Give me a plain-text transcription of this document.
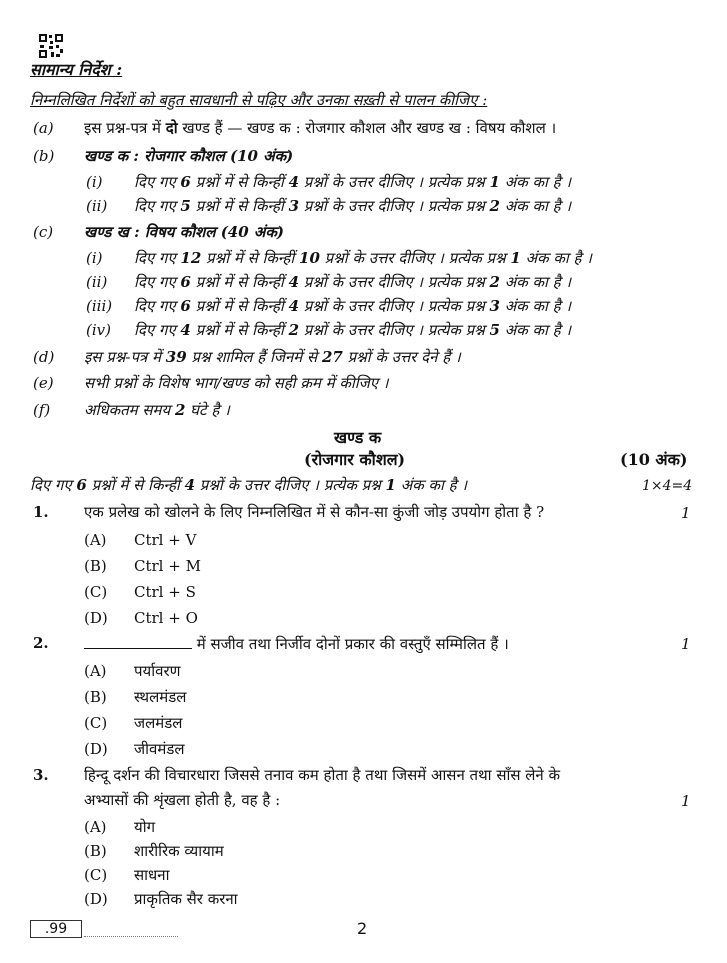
सामान्य निर्देश :
निम्नलिखित निर्देशों को बहुत सावधानी से पढ़िए और उनका सख़्ती से पालन कीजिए :
(a) इस प्रश्न-पत्र में दो खण्ड हैं — खण्ड क : रोजगार कौशल और खण्ड ख : विषय कौशल ।
(b) खण्ड क : रोजगार कौशल (10 अंक)
(i) दिए गए 6 प्रश्नों में से किन्हीं 4 प्रश्नों के उत्तर दीजिए । प्रत्येक प्रश्न 1 अंक का है ।
(ii) दिए गए 5 प्रश्नों में से किन्हीं 3 प्रश्नों के उत्तर दीजिए । प्रत्येक प्रश्न 2 अंक का है ।
(c) खण्ड ख : विषय कौशल (40 अंक)
(i) दिए गए 12 प्रश्नों में से किन्हीं 10 प्रश्नों के उत्तर दीजिए । प्रत्येक प्रश्न 1 अंक का है ।
(ii) दिए गए 6 प्रश्नों में से किन्हीं 4 प्रश्नों के उत्तर दीजिए । प्रत्येक प्रश्न 2 अंक का है ।
(iii) दिए गए 6 प्रश्नों में से किन्हीं 4 प्रश्नों के उत्तर दीजिए । प्रत्येक प्रश्न 3 अंक का है ।
(iv) दिए गए 4 प्रश्नों में से किन्हीं 2 प्रश्नों के उत्तर दीजिए । प्रत्येक प्रश्न 5 अंक का है ।
(d) इस प्रश्न-पत्र में 39 प्रश्न शामिल हैं जिनमें से 27 प्रश्नों के उत्तर देने हैं ।
(e) सभी प्रश्नों के विशेष भाग/खण्ड को सही क्रम में कीजिए ।
(f) अधिकतम समय 2 घंटे है ।
खण्ड क
(रोजगार कौशल)	(10 अंक)
दिए गए 6 प्रश्नों में से किन्हीं 4 प्रश्नों के उत्तर दीजिए । प्रत्येक प्रश्न 1 अंक का है ।	1×4=4
1. एक प्रलेख को खोलने के लिए निम्नलिखित में से कौन-सा कुंजी जोड़ उपयोग होता है ?	1
(A) Ctrl + V
(B) Ctrl + M
(C) Ctrl + S
(D) Ctrl + O
2.	में सजीव तथा निर्जीव दोनों प्रकार की वस्तुएँ सम्मिलित हैं ।	1
(A) पर्यावरण
(B) स्थलमंडल
(C) जलमंडल
(D) जीवमंडल
3. हिन्दू दर्शन की विचारधारा जिससे तनाव कम होता है तथा जिसमें आसन तथा साँस लेने के
अभ्यासों की शृंखला होती है, वह है :	1
(A) योग
(B) शारीरिक व्यायाम
(C) साधना
(D) प्राकृतिक सैर करना
.99	2
